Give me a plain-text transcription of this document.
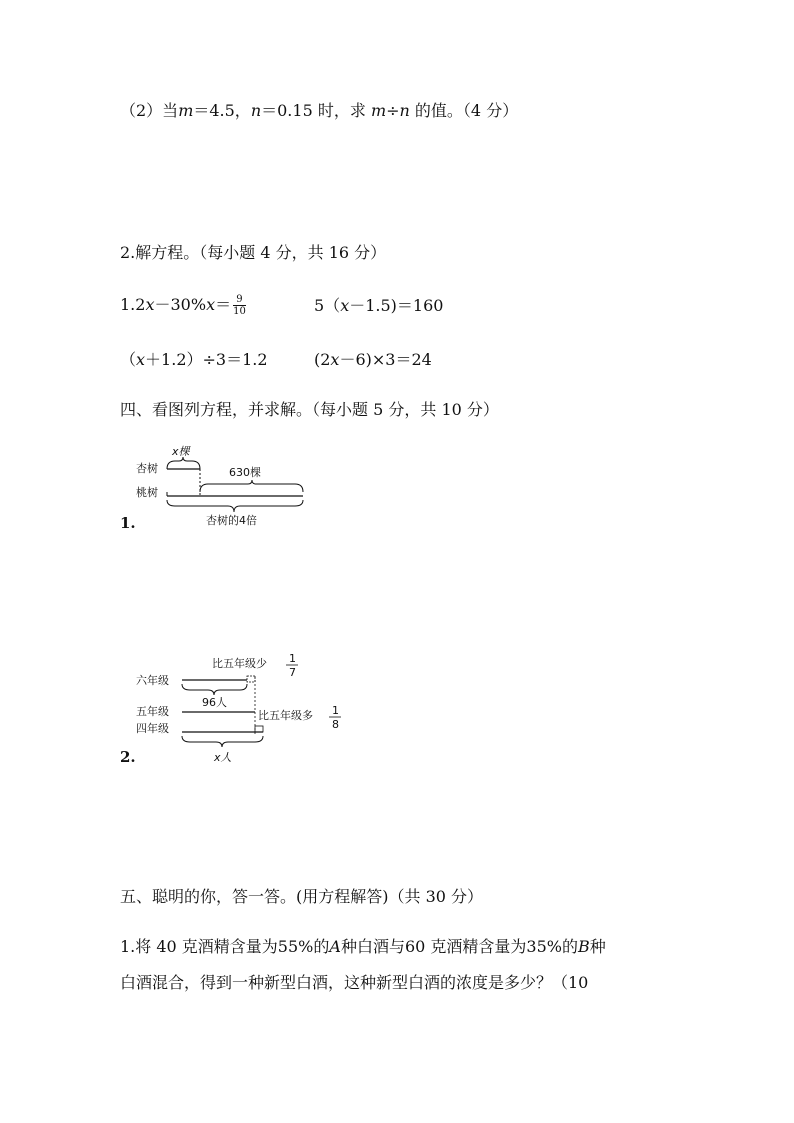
（2）当m＝4.5，n＝0.15 时，求 m÷n 的值。（4 分）
2.解方程。（每小题 4 分，共 16 分）
$1.2x-30\%x= \frac{9}{10}$	5（x－1.5)＝160
（x＋1.2）÷3＝1.2	(2x－6)×3＝24
四、看图列方程，并求解。（每小题 5 分，共 10 分）
x棵
杏树
桃树
630棵
杏树的4倍
1.
比五年级少 1
7
六年级
96人
五年级	比五年级多 1
8
四年级
x人
2.
五、聪明的你，答一答。(用方程解答)（共 30 分）
1.将 40 克酒精含量为55%的A种白酒与60 克酒精含量为35%的B种
白酒混合，得到一种新型白酒，这种新型白酒的浓度是多少？（10
